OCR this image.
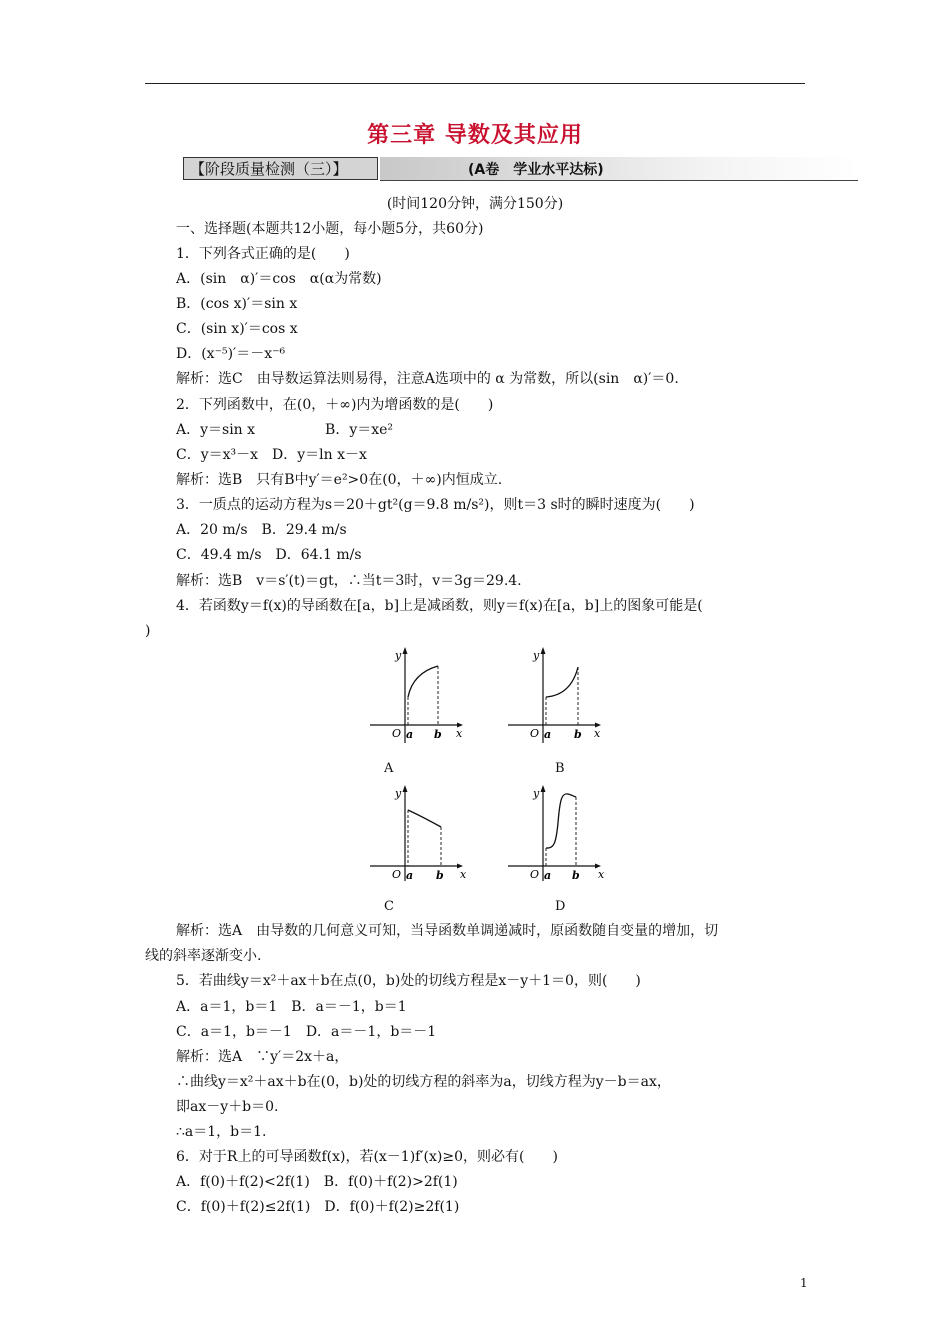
第三章 导数及其应用
【阶段质量检测（三）】	(A卷　学业水平达标)
(时间120分钟，满分150分)
一、选择题(本题共12小题，每小题5分，共60分)
1．下列各式正确的是(　　)
A．(sin　α)′＝cos　α(α为常数)
B．(cos x)′＝sin x
C．(sin x)′＝cos x
D．(x⁻⁵)′＝－x⁻⁶
解析：选C　由导数运算法则易得，注意A选项中的 α 为常数，所以(sin　α)′＝0.
2．下列函数中，在(0，＋∞)内为增函数的是(　　)
A．y＝sin x　　　　　B．y＝xe²
C．y＝x³－x　D．y＝ln x－x
解析：选B　只有B中y′＝e²>0在(0，＋∞)内恒成立.
3．一质点的运动方程为s＝20＋gt²(g＝9.8 m/s²)，则t＝3 s时的瞬时速度为(　　)
A．20 m/s　B．29.4 m/s
C．49.4 m/s　D．64.1 m/s
解析：选B　v＝s′(t)＝gt，∴当t＝3时，v＝3g＝29.4.
4．若函数y＝f(x)的导函数在[a，b]上是减函数，则y＝f(x)在[a，b]上的图象可能是(
)
y
x
O a b
A
y
x
O a b
B
y
x
O a b
C
y
x
O a b
D
解析：选A　由导数的几何意义可知，当导函数单调递减时，原函数随自变量的增加，切
线的斜率逐渐变小.
5．若曲线y＝x²＋ax＋b在点(0，b)处的切线方程是x－y＋1＝0，则(　　)
A．a＝1，b＝1　B．a＝－1，b＝1
C．a＝1，b＝－1　D．a＝－1，b＝－1
解析：选A　∵y′＝2x＋a，
∴曲线y＝x²＋ax＋b在(0，b)处的切线方程的斜率为a，切线方程为y－b＝ax，
即ax－y＋b＝0.
∴a＝1，b＝1.
6．对于R上的可导函数f(x)，若(x－1)f′(x)≥0，则必有(　　)
A．f(0)＋f(2)<2f(1)　B．f(0)＋f(2)>2f(1)
C．f(0)＋f(2)≤2f(1)　D．f(0)＋f(2)≥2f(1)
1
